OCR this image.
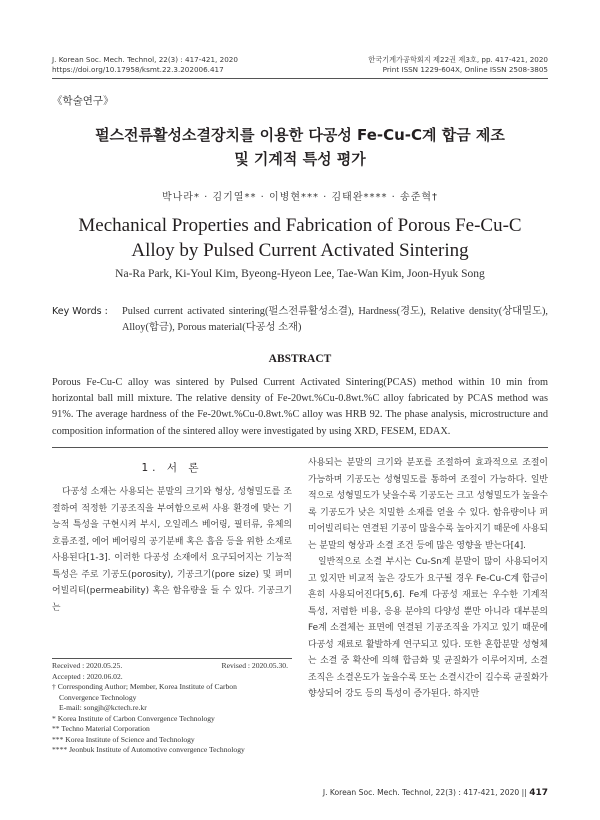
J. Korean Soc. Mech. Technol, 22(3) : 417-421, 2020
https://doi.org/10.17958/ksmt.22.3.202006.417
한국기계가공학회지 제22권 제3호, pp. 417-421, 2020
Print ISSN 1229-604X, Online ISSN 2508-3805
《학술연구》
펄스전류활성소결장치를 이용한 다공성 Fe-Cu-C계 합금 제조
및 기계적 특성 평가
박나라* · 김기열** · 이병현*** · 김태완**** · 송준혁†
Mechanical Properties and Fabrication of Porous Fe-Cu-C
Alloy by Pulsed Current Activated Sintering
Na-Ra Park, Ki-Youl Kim, Byeong-Hyeon Lee, Tae-Wan Kim, Joon-Hyuk Song
Key Words : Pulsed current activated sintering(펄스전류활성소결), Hardness(경도), Relative density(상대밀도), Alloy(합금), Porous material(다공성 소재)
ABSTRACT
Porous Fe-Cu-C alloy was sintered by Pulsed Current Activated Sintering(PCAS) method within 10 min from horizontal ball mill mixture. The relative density of Fe-20wt.%Cu-0.8wt.%C alloy fabricated by PCAS method was 91%. The average hardness of the Fe-20wt.%Cu-0.8wt.%C alloy was HRB 92. The phase analysis, microstructure and composition information of the sintered alloy were investigated by using XRD, FESEM, EDAX.
1. 서 론

다공성 소재는 사용되는 분말의 크기와 형상, 성형밀도를 조절하여 적정한 기공조직을 부여함으로써 사용 환경에 맞는 기능적 특성을 구현시켜 부시, 오일레스 베어링, 필터류, 유체의 흐름조절, 에어 베어링의 공기분배 혹은 흡음 등을 위한 소재로 사용된다[1-3]. 이러한 다공성 소재에서 요구되어지는 기능적 특성은 주로 기공도(porosity), 기공크기(pore size) 및 퍼미어빌리티(permeability) 혹은 함유량을 들 수 있다. 기공크기는

Received : 2020.05.25.	Revised : 2020.05.30.
Accepted : 2020.06.02.
† Corresponding Author; Member, Korea Institute of Carbon
Convergence Technology
E-mail: songjh@kctech.re.kr
* Korea Institute of Carbon Convergence Technology
** Techno Material Corporation
*** Korea Institute of Science and Technology
**** Jeonbuk Institute of Automotive convergence Technology

사용되는 분말의 크기와 분포를 조절하여 효과적으로 조절이 가능하며 기공도는 성형밀도를 통하여 조절이 가능하다. 일반적으로 성형밀도가 낮을수록 기공도는 크고 성형밀도가 높을수록 기공도가 낮은 치밀한 소재를 얻을 수 있다. 함유량이나 퍼미어빌리티는 연결된 기공이 많을수록 높아지기 때문에 사용되는 분말의 형상과 소결 조건 등에 많은 영향을 받는다[4].

일반적으로 소결 부시는 Cu-Sn계 분말이 많이 사용되어지고 있지만 비교적 높은 강도가 요구될 경우 Fe-Cu-C계 합금이 흔히 사용되어진다[5,6]. Fe계 다공성 재료는 우수한 기계적 특성, 저렴한 비용, 응용 분야의 다양성 뿐만 아니라 대부분의 Fe계 소결체는 표면에 연결된 기공조직을 가지고 있기 때문에 다공성 재료로 활발하게 연구되고 있다. 또한 혼합분말 성형체는 소결 중 확산에 의해 합금화 및 균질화가 이루어지며, 소결 조직은 소결온도가 높을수록 또는 소결시간이 길수록 균질화가 향상되어 강도 등의 특성이 증가된다. 하지만

J. Korean Soc. Mech. Technol, 22(3) : 417-421, 2020 || 417
